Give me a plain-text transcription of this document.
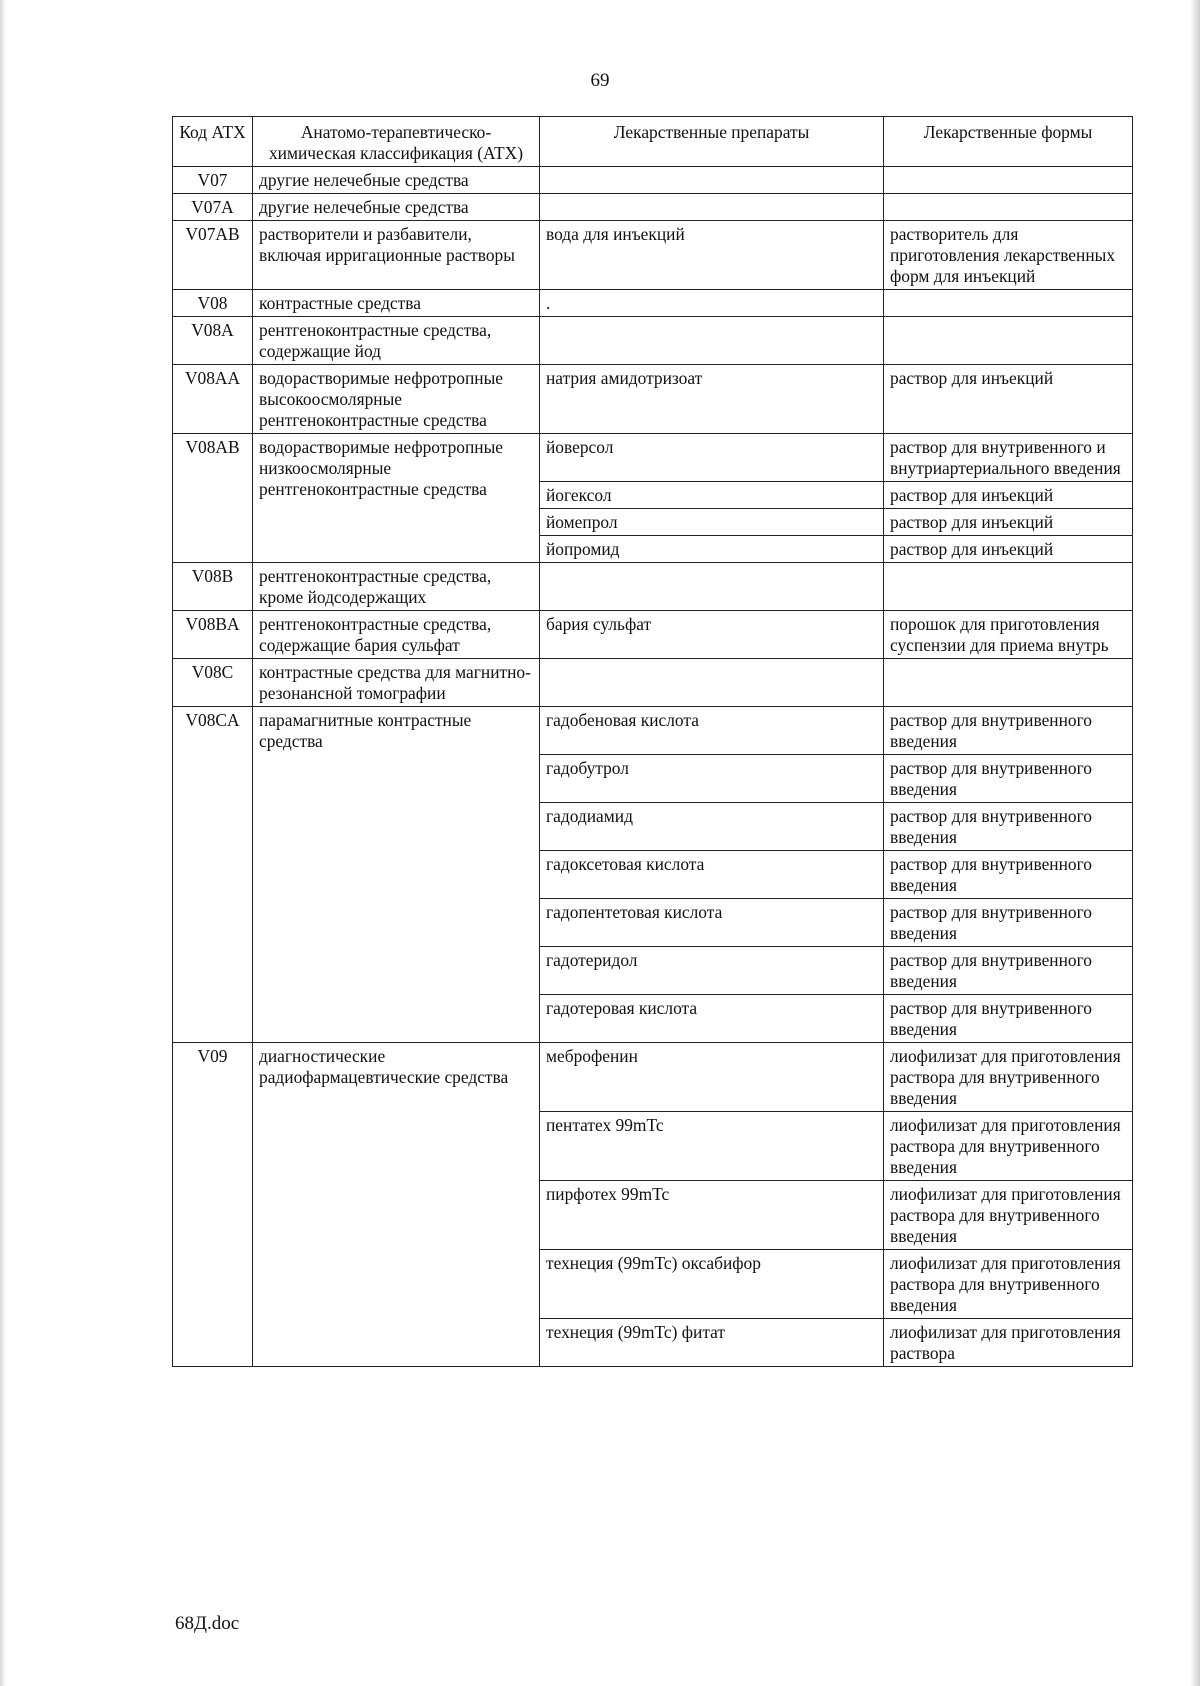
69
Код АТХ	Анатомо-терапевтическо-химическая классификация (АТХ)	Лекарственные препараты	Лекарственные формы
V07	другие нелечебные средства		
V07A	другие нелечебные средства		
V07AB	растворители и разбавители, включая ирригационные растворы	вода для инъекций	растворитель для приготовления лекарственных форм для инъекций
V08	контрастные средства	.	
V08A	рентгеноконтрастные средства, содержащие йод		
V08AA	водорастворимые нефротропные высокоосмолярные рентгеноконтрастные средства	натрия амидотризоат	раствор для инъекций
V08AB	водорастворимые нефротропные низкоосмолярные рентгеноконтрастные средства	йоверсол	раствор для внутривенного и внутриартериального введения
		йогексол	раствор для инъекций
		йомепрол	раствор для инъекций
		йопромид	раствор для инъекций
V08B	рентгеноконтрастные средства, кроме йодсодержащих		
V08BA	рентгеноконтрастные средства, содержащие бария сульфат	бария сульфат	порошок для приготовления суспензии для приема внутрь
V08C	контрастные средства для магнитно-резонансной томографии		
V08CA	парамагнитные контрастные средства	гадобеновая кислота	раствор для внутривенного введения
		гадобутрол	раствор для внутривенного введения
		гадодиамид	раствор для внутривенного введения
		гадоксетовая кислота	раствор для внутривенного введения
		гадопентетовая кислота	раствор для внутривенного введения
		гадотеридол	раствор для внутривенного введения
		гадотеровая кислота	раствор для внутривенного введения
V09	диагностические радиофармацевтические средства	меброфенин	лиофилизат для приготовления раствора для внутривенного введения
		пентатех 99mTc	лиофилизат для приготовления раствора для внутривенного введения
		пирфотех 99mTc	лиофилизат для приготовления раствора для внутривенного введения
		технеция (99mTc) оксабифор	лиофилизат для приготовления раствора для внутривенного введения
		технеция (99mTc) фитат	лиофилизат для приготовления раствора
68Д.doc
